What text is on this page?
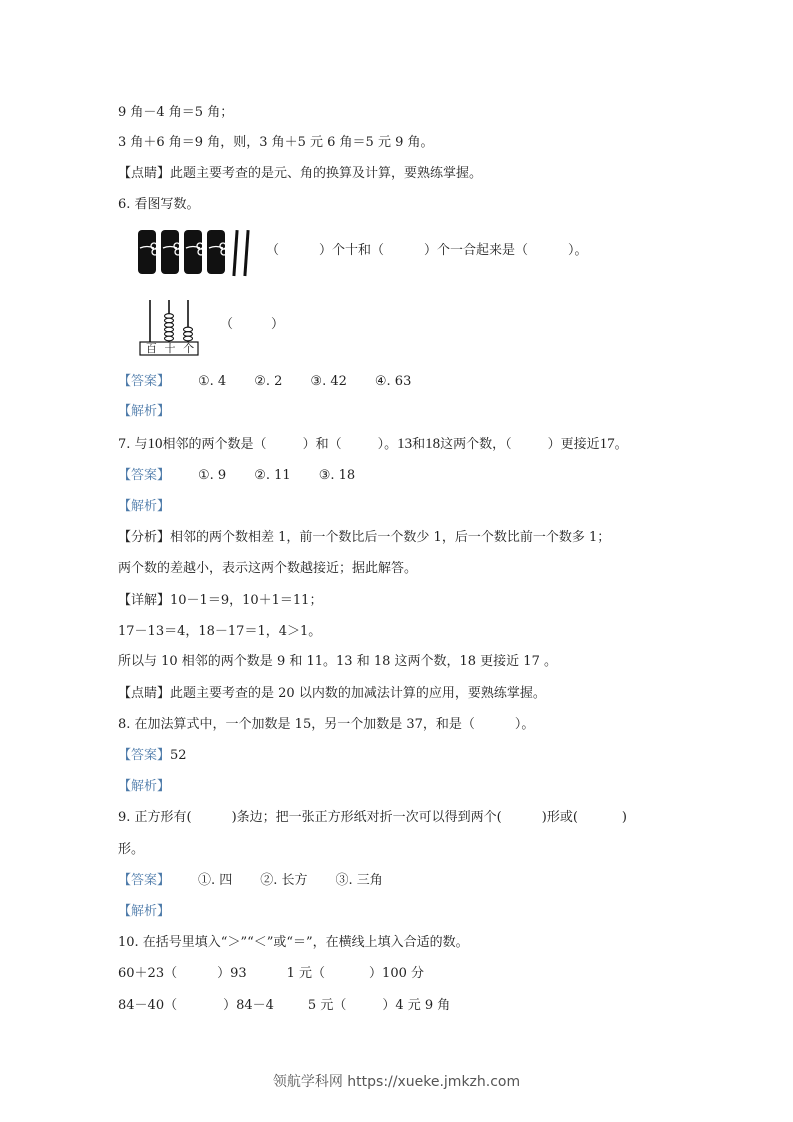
9 角－4 角＝5 角；
3 角＋6 角＝9 角，则，3 角＋5 元 6 角＝5 元 9 角。
【点睛】此题主要考查的是元、角的换算及计算，要熟练掌握。
6. 看图写数。
（	）个十和（	）个一合起来是（	）。
百 十 个
（	）
【答案】 ①. 4 ②. 2 ③. 42 ④. 63
【解析】
7. 与10相邻的两个数是（	）和（	）。13和18这两个数，（	）更接近17。
【答案】 ①. 9 ②. 11 ③. 18
【解析】
【分析】相邻的两个数相差 1，前一个数比后一个数少 1，后一个数比前一个数多 1；
两个数的差越小，表示这两个数越接近；据此解答。
【详解】10－1＝9，10＋1＝11；
17－13＝4，18－17＝1，4＞1。
所以与 10 相邻的两个数是 9 和 11。13 和 18 这两个数，18 更接近 17 。
【点睛】此题主要考查的是 20 以内数的加减法计算的应用，要熟练掌握。
8. 在加法算式中，一个加数是 15，另一个加数是 37，和是（	）。
【答案】52
【解析】
9. 正方形有(	)条边；把一张正方形纸对折一次可以得到两个(	)形或(	)
形。
【答案】 ①. 四 ②. 长方 ③. 三角
【解析】
10. 在括号里填入“＞”“＜”或“＝”，在横线上填入合适的数。
60＋23（	）93	1 元（	）100 分
84－40（	）84－4	5 元（	）4 元 9 角
领航学科网 https://xueke.jmkzh.com
